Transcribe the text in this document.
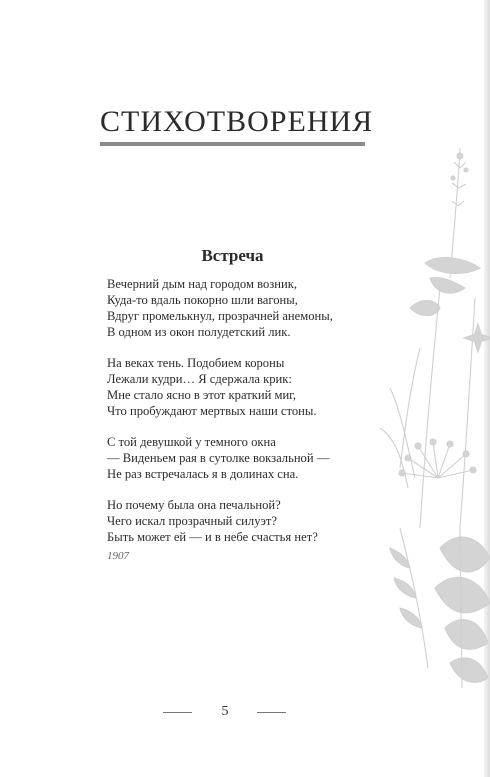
СТИХОТВОРЕНИЯ
Встреча
Вечерний дым над городом возник,
Куда-то вдаль покорно шли вагоны,
Вдруг промелькнул, прозрачней анемоны,
В одном из окон полудетский лик.
На веках тень. Подобием короны
Лежали кудри… Я сдержала крик:
Мне стало ясно в этот краткий миг,
Что пробуждают мертвых наши стоны.
С той девушкой у темного окна
— Виденьем рая в сутолке вокзальной —
Не раз встречалась я в долинах сна.
Но почему была она печальной?
Чего искал прозрачный силуэт?
Быть может ей — и в небе счастья нет?
1907
5
